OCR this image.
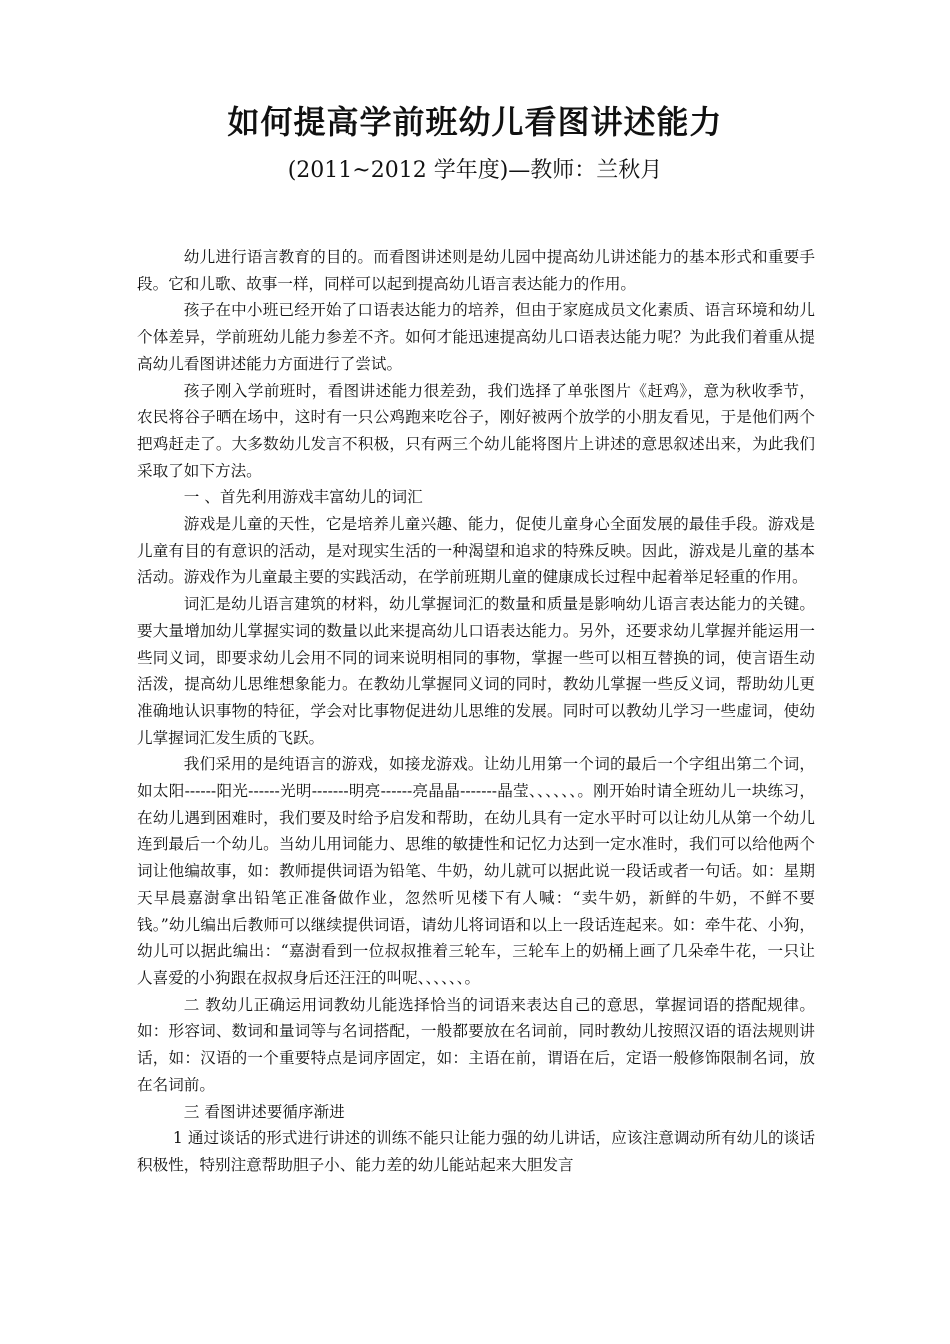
如何提高学前班幼儿看图讲述能力
(2011~2012 学年度)—教师：兰秋月

幼儿进行语言教育的目的。而看图讲述则是幼儿园中提高幼儿讲述能力的基本形式和重要手段。它和儿歌、故事一样，同样可以起到提高幼儿语言表达能力的作用。

孩子在中小班已经开始了口语表达能力的培养，但由于家庭成员文化素质、语言环境和幼儿个体差异，学前班幼儿能力参差不齐。如何才能迅速提高幼儿口语表达能力呢？为此我们着重从提高幼儿看图讲述能力方面进行了尝试。

孩子刚入学前班时，看图讲述能力很差劲，我们选择了单张图片《赶鸡》，意为秋收季节，农民将谷子晒在场中，这时有一只公鸡跑来吃谷子，刚好被两个放学的小朋友看见，于是他们两个把鸡赶走了。大多数幼儿发言不积极，只有两三个幼儿能将图片上讲述的意思叙述出来，为此我们采取了如下方法。

一 、首先利用游戏丰富幼儿的词汇

游戏是儿童的天性，它是培养儿童兴趣、能力，促使儿童身心全面发展的最佳手段。游戏是儿童有目的有意识的活动，是对现实生活的一种渴望和追求的特殊反映。因此，游戏是儿童的基本活动。游戏作为儿童最主要的实践活动，在学前班期儿童的健康成长过程中起着举足轻重的作用。

词汇是幼儿语言建筑的材料，幼儿掌握词汇的数量和质量是影响幼儿语言表达能力的关键。要大量增加幼儿掌握实词的数量以此来提高幼儿口语表达能力。另外，还要求幼儿掌握并能运用一些同义词，即要求幼儿会用不同的词来说明相同的事物，掌握一些可以相互替换的词，使言语生动活泼，提高幼儿思维想象能力。在教幼儿掌握同义词的同时，教幼儿掌握一些反义词，帮助幼儿更准确地认识事物的特征，学会对比事物促进幼儿思维的发展。同时可以教幼儿学习一些虚词，使幼儿掌握词汇发生质的飞跃。

我们采用的是纯语言的游戏，如接龙游戏。让幼儿用第一个词的最后一个字组出第二个词，如太阳------阳光------光明-------明亮------亮晶晶-------晶莹、、、、、、。刚开始时请全班幼儿一块练习，在幼儿遇到困难时，我们要及时给予启发和帮助，在幼儿具有一定水平时可以让幼儿从第一个幼儿连到最后一个幼儿。当幼儿用词能力、思维的敏捷性和记忆力达到一定水准时，我们可以给他两个词让他编故事，如：教师提供词语为铅笔、牛奶，幼儿就可以据此说一段话或者一句话。如：星期天早晨嘉澍拿出铅笔正准备做作业，忽然听见楼下有人喊：“卖牛奶，新鲜的牛奶，不鲜不要钱。”幼儿编出后教师可以继续提供词语，请幼儿将词语和以上一段话连起来。如：牵牛花、小狗，幼儿可以据此编出：“嘉澍看到一位叔叔推着三轮车，三轮车上的奶桶上画了几朵牵牛花，一只让人喜爱的小狗跟在叔叔身后还汪汪的叫呢、、、、、、。

二 教幼儿正确运用词教幼儿能选择恰当的词语来表达自己的意思，掌握词语的搭配规律。如：形容词、数词和量词等与名词搭配，一般都要放在名词前，同时教幼儿按照汉语的语法规则讲话，如：汉语的一个重要特点是词序固定，如：主语在前，谓语在后，定语一般修饰限制名词，放在名词前。

三 看图讲述要循序渐进

1 通过谈话的形式进行讲述的训练不能只让能力强的幼儿讲话，应该注意调动所有幼儿的谈话积极性，特别注意帮助胆子小、能力差的幼儿能站起来大胆发言
